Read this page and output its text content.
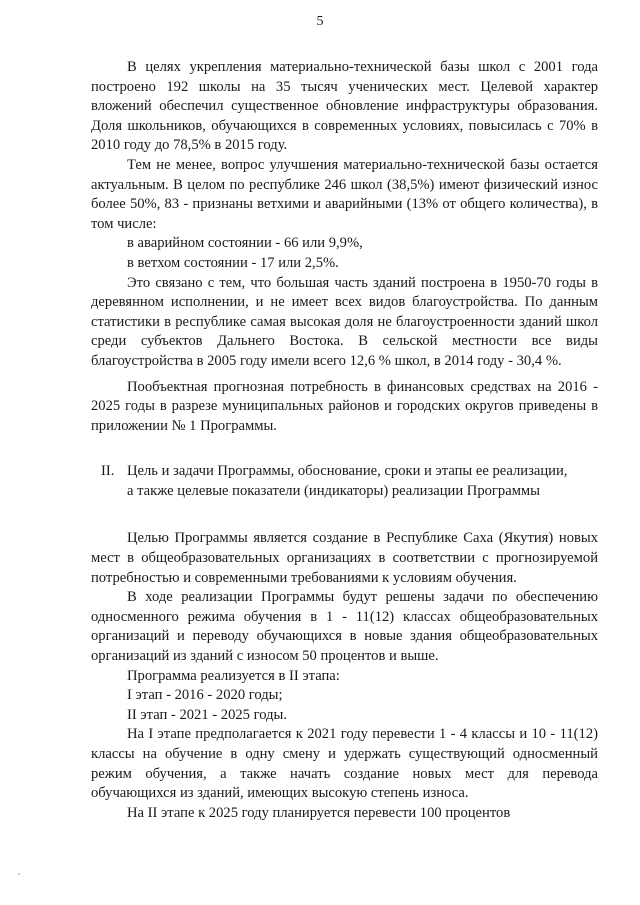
5

В целях укрепления материально-технической базы школ с 2001 года построено 192 школы на 35 тысяч ученических мест. Целевой характер вложений обеспечил существенное обновление инфраструктуры образования. Доля школьников, обучающихся в современных условиях, повысилась с 70% в 2010 году до 78,5% в 2015 году.

Тем не менее, вопрос улучшения материально-технической базы остается актуальным. В целом по республике 246 школ (38,5%) имеют физический износ более 50%, 83 - признаны ветхими и аварийными (13% от общего количества), в том числе:

в аварийном состоянии - 66 или 9,9%,

в ветхом состоянии - 17 или 2,5%.

Это связано с тем, что большая часть зданий построена в 1950-70 годы в деревянном исполнении, и не имеет всех видов благоустройства. По данным статистики в республике самая высокая доля не благоустроенности зданий школ среди субъектов Дальнего Востока. В сельской местности все виды благоустройства в 2005 году имели всего 12,6 % школ, в 2014 году - 30,4 %.

Пообъектная прогнозная потребность в финансовых средствах на 2016 - 2025 годы в разрезе муниципальных районов и городских округов приведены в приложении № 1 Программы.

II. Цель и задачи Программы, обоснование, сроки и этапы ее реализации,
а также целевые показатели (индикаторы) реализации Программы

Целью Программы является создание в Республике Саха (Якутия) новых мест в общеобразовательных организациях в соответствии с прогнозируемой потребностью и современными требованиями к условиям обучения.

В ходе реализации Программы будут решены задачи по обеспечению односменного режима обучения в 1 - 11(12) классах общеобразовательных организаций и переводу обучающихся в новые здания общеобразовательных организаций из зданий с износом 50 процентов и выше.

Программа реализуется в II этапа:

I этап - 2016 - 2020 годы;

II этап - 2021 - 2025 годы.

На I этапе предполагается к 2021 году перевести 1 - 4 классы и 10 - 11(12) классы на обучение в одну смену и удержать существующий односменный режим обучения, а также начать создание новых мест для перевода обучающихся из зданий, имеющих высокую степень износа.

На II этапе к 2025 году планируется перевести 100 процентов
